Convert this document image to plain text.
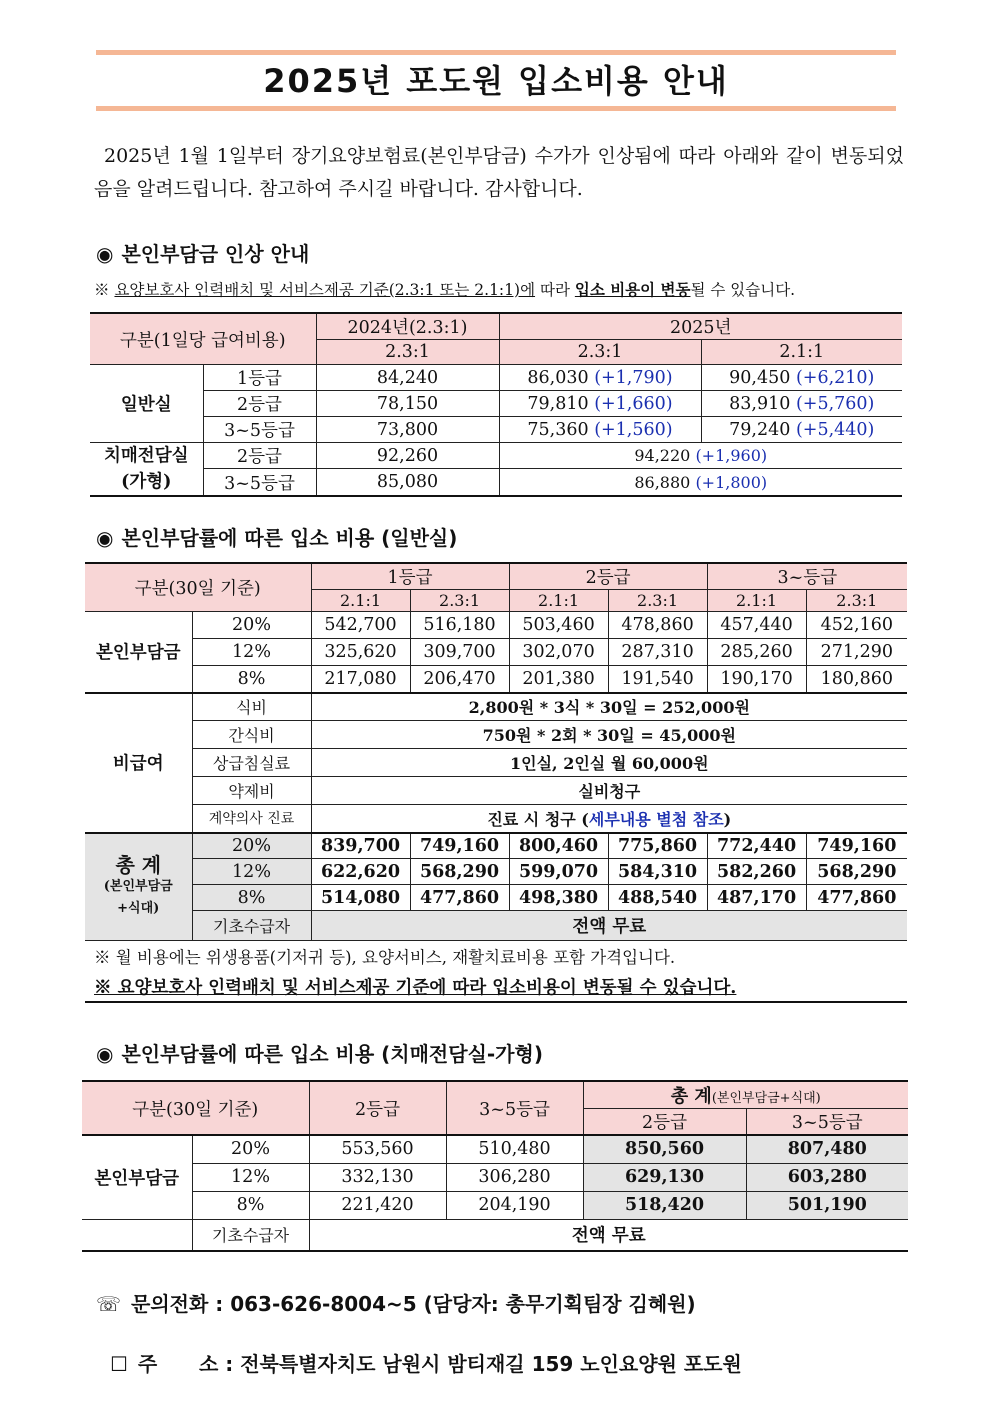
2025년 포도원 입소비용 안내
2025년 1월 1일부터 장기요양보험료(본인부담금) 수가가 인상됨에 따라 아래와 같이 변동되었음을 알려드립니다. 참고하여 주시길 바랍니다. 감사합니다.
◉ 본인부담금 인상 안내
※ 요양보호사 인력배치 및 서비스제공 기준(2.3:1 또는 2.1:1)에 따라 입소 비용이 변동될 수 있습니다.
구분(1일당 급여비용)		2024년(2.3:1)	2025년	
		2.3:1	2.3:1	2.1:1
일반실	1등급	84,240	86,030 (+1,790)	90,450 (+6,210)
	2등급	78,150	79,810 (+1,660)	83,910 (+5,760)
	3~5등급	73,800	75,360 (+1,560)	79,240 (+5,440)
치매전담실
(가형)	2등급	92,260	94,220 (+1,960)	
	3~5등급	85,080	86,880 (+1,800)	
◉ 본인부담률에 따른 입소 비용 (일반실)
구분(30일 기준)		1등급		2등급		3~등급	
		2.1:1	2.3:1	2.1:1	2.3:1	2.1:1	2.3:1
본인부담금	20%	542,700	516,180	503,460	478,860	457,440	452,160
	12%	325,620	309,700	302,070	287,310	285,260	271,290
	8%	217,080	206,470	201,380	191,540	190,170	180,860
비급여	식비	2,800원 * 3식 * 30일 = 252,000원					
	간식비	750원 * 2회 * 30일 = 45,000원					
	상급침실료	1인실, 2인실 월 60,000원					
	약제비	실비청구					
	계약의사 진료	진료 시 청구 (세부내용 별첨 참조)					

총 계
(본인부담금
+식대)	20%	839,700	749,160	800,460	775,860	772,440	749,160
	12%	622,620	568,290	599,070	584,310	582,260	568,290
	8%	514,080	477,860	498,380	488,540	487,170	477,860
	기초수급자	전액 무료					
※ 월 비용에는 위생용품(기저귀 등), 요양서비스, 재활치료비용 포함 가격입니다.
※ 요양보호사 인력배치 및 서비스제공 기준에 따라 입소비용이 변동될 수 있습니다.
◉ 본인부담률에 따른 입소 비용 (치매전담실-가형)
구분(30일 기준)		2등급	3~5등급	총 계(본인부담금+식대)	
				2등급	3~5등급
본인부담금	20%	553,560	510,480	850,560	807,480
	12%	332,130	306,280	629,130	603,280
	8%	221,420	204,190	518,420	501,190
	기초수급자	전액 무료			
☏ 문의전화 : 063-626-8004~5 (담당자: 총무기획팀장 김혜원)

☐ 주      소 : 전북특별자치도 남원시 밤티재길 159 노인요양원 포도원
